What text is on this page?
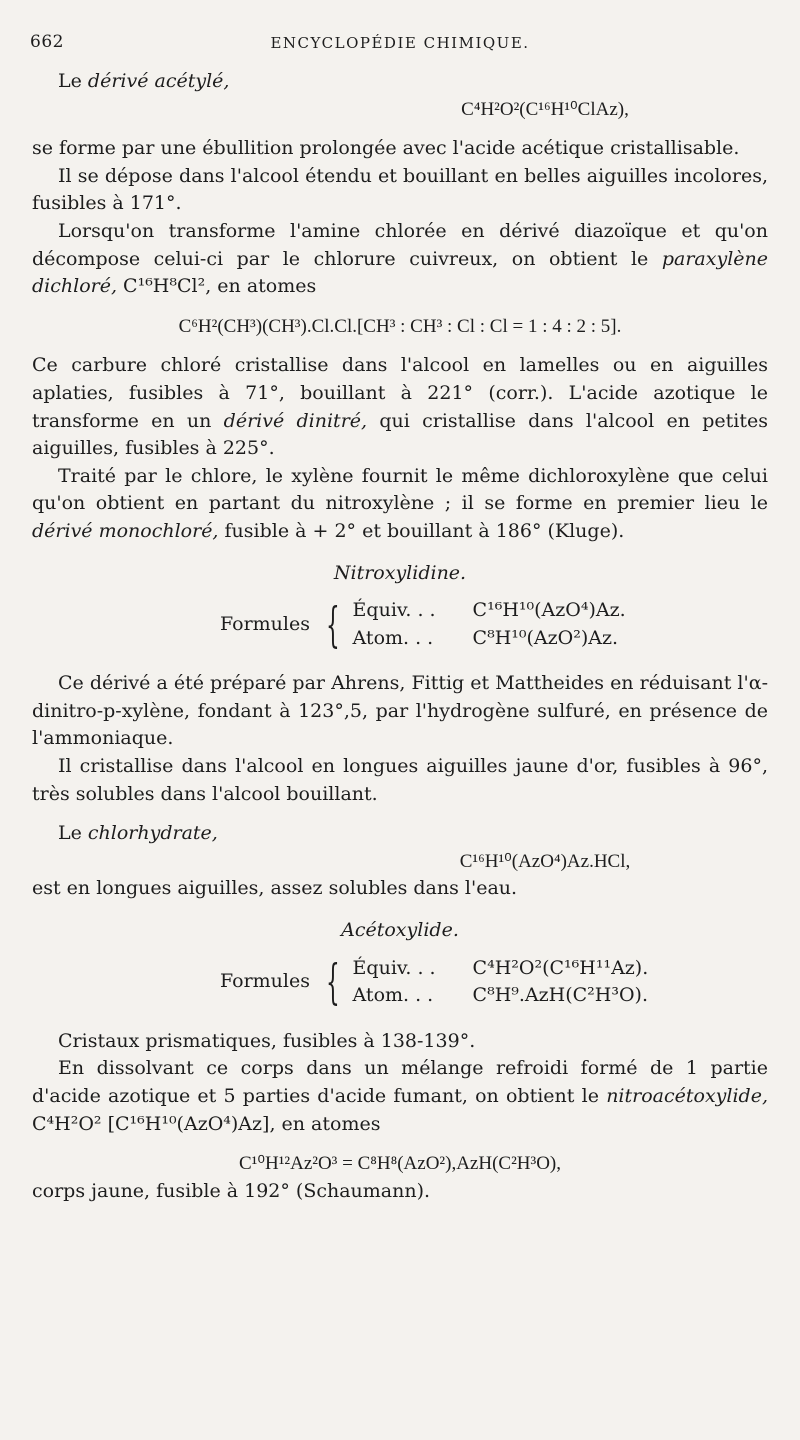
662	ENCYCLOPÉDIE CHIMIQUE.

Le dérivé acétylé,

C⁴H²O²(C¹⁶H¹⁰ClAz),

se forme par une ébullition prolongée avec l'acide acétique cristallisable.

Il se dépose dans l'alcool étendu et bouillant en belles aiguilles incolores, fusibles à 171°.

Lorsqu'on transforme l'amine chlorée en dérivé diazoïque et qu'on décompose celui-ci par le chlorure cuivreux, on obtient le paraxylène dichloré, C¹⁶H⁸Cl², en atomes

C⁶H²(CH³)(CH³).Cl.Cl.[CH³ : CH³ : Cl : Cl = 1 : 4 : 2 : 5].

Ce carbure chloré cristallise dans l'alcool en lamelles ou en aiguilles aplaties, fusibles à 71°, bouillant à 221° (corr.). L'acide azotique le transforme en un dérivé dinitré, qui cristallise dans l'alcool en petites aiguilles, fusibles à 225°.

Traité par le chlore, le xylène fournit le même dichloroxylène que celui qu'on obtient en partant du nitroxylène ; il se forme en premier lieu le dérivé monochloré, fusible à + 2° et bouillant à 186° (Kluge).

Nitroxylidine.

Formules { Équiv. . .	C¹⁶H¹⁰(AzO⁴)Az.
Atom. . .	C⁸H¹⁰(AzO²)Az.

Ce dérivé a été préparé par Ahrens, Fittig et Mattheides en réduisant l'α-dinitro-p-xylène, fondant à 123°,5, par l'hydrogène sulfuré, en présence de l'ammoniaque.

Il cristallise dans l'alcool en longues aiguilles jaune d'or, fusibles à 96°, très solubles dans l'alcool bouillant.

Le chlorhydrate,

C¹⁶H¹⁰(AzO⁴)Az.HCl,

est en longues aiguilles, assez solubles dans l'eau.

Acétoxylide.

Formules { Équiv. . .	C⁴H²O²(C¹⁶H¹¹Az).
Atom. . .	C⁸H⁹.AzH(C²H³O).

Cristaux prismatiques, fusibles à 138-139°.

En dissolvant ce corps dans un mélange refroidi formé de 1 partie d'acide azotique et 5 parties d'acide fumant, on obtient le nitroacétoxylide, C⁴H²O² [C¹⁶H¹⁰(AzO⁴)Az], en atomes

C¹⁰H¹²Az²O³ = C⁸H⁸(AzO²),AzH(C²H³O),

corps jaune, fusible à 192° (Schaumann).
